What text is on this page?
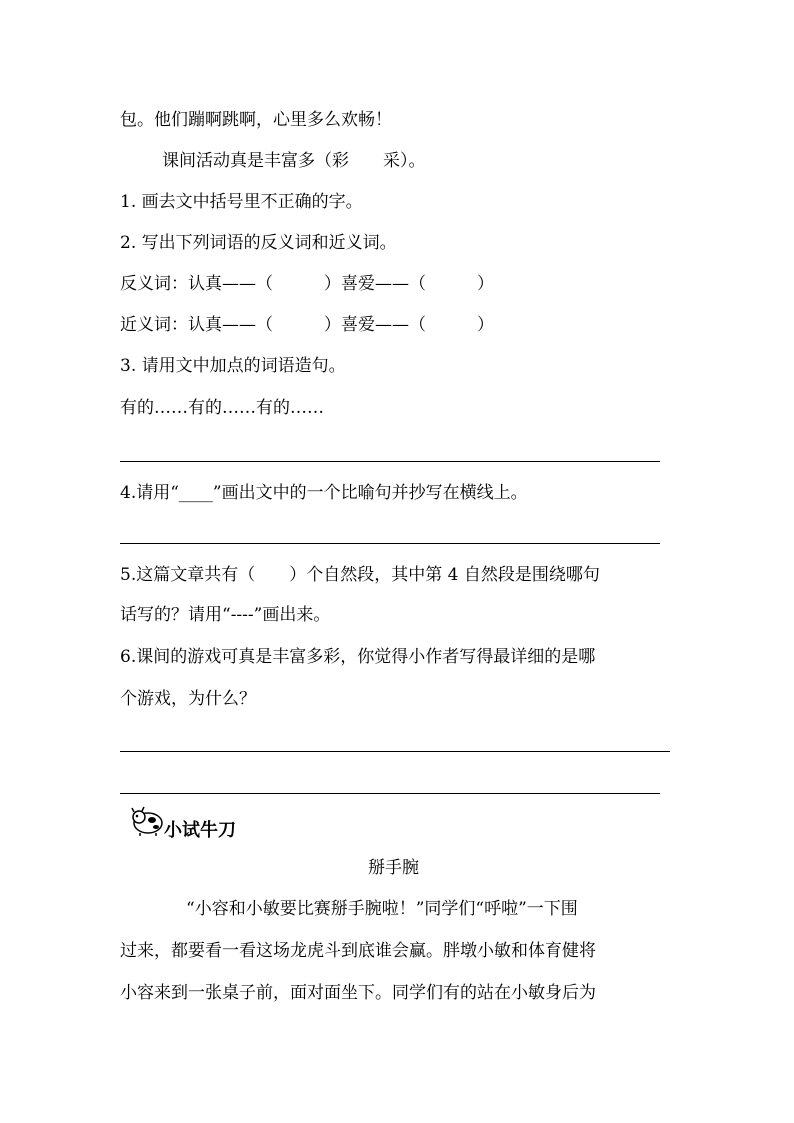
包。他们蹦啊跳啊，心里多么欢畅！
课间活动真是丰富多（彩　　采）。
1. 画去文中括号里不正确的字。
2. 写出下列词语的反义词和近义词。
反义词：认真——（　　　）喜爱——（　　　）
近义词：认真——（　　　）喜爱——（　　　）
3. 请用文中加点的词语造句。
有的……有的……有的……
4.请用“____”画出文中的一个比喻句并抄写在横线上。
5.这篇文章共有（　　）个自然段，其中第 4 自然段是围绕哪句
话写的？请用“----”画出来。
6.课间的游戏可真是丰富多彩，你觉得小作者写得最详细的是哪
个游戏，为什么？
小试牛刀
掰手腕
“小容和小敏要比赛掰手腕啦！”同学们“呼啦”一下围
过来，都要看一看这场龙虎斗到底谁会赢。胖墩小敏和体育健将
小容来到一张桌子前，面对面坐下。同学们有的站在小敏身后为
